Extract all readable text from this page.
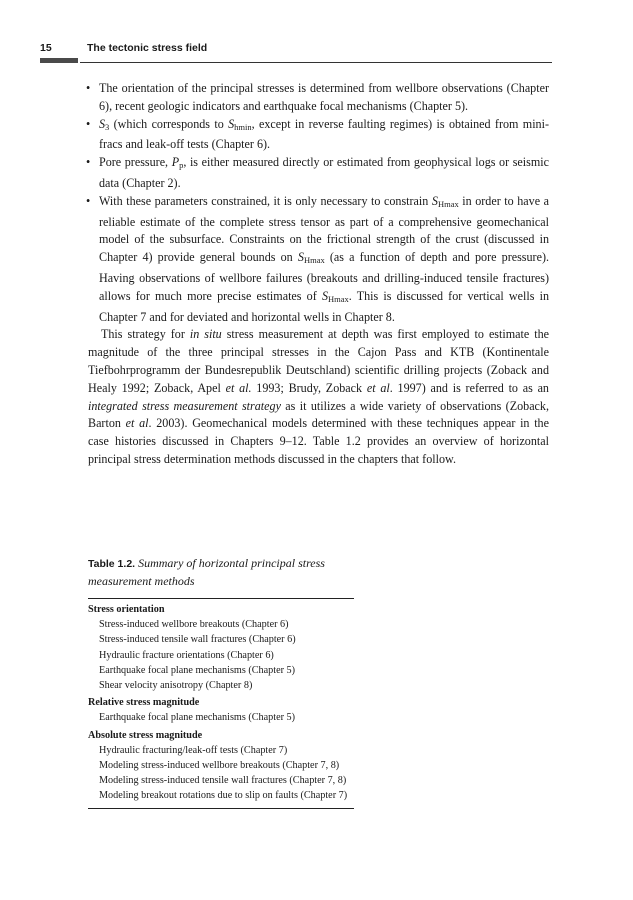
15	The tectonic stress field
• The orientation of the principal stresses is determined from wellbore observations (Chapter 6), recent geologic indicators and earthquake focal mechanisms (Chapter 5).
• $S_3$ (which corresponds to $S_{hmin}$, except in reverse faulting regimes) is obtained from mini-fracs and leak-off tests (Chapter 6).
• Pore pressure, $P_p$, is either measured directly or estimated from geophysical logs or seismic data (Chapter 2).
• With these parameters constrained, it is only necessary to constrain $S_{Hmax}$ in order to have a reliable estimate of the complete stress tensor as part of a comprehensive geomechanical model of the subsurface. Constraints on the frictional strength of the crust (discussed in Chapter 4) provide general bounds on $S_{Hmax}$ (as a function of depth and pore pressure). Having observations of wellbore failures (breakouts and drilling-induced tensile fractures) allows for much more precise estimates of $S_{Hmax}$. This is discussed for vertical wells in Chapter 7 and for deviated and horizontal wells in Chapter 8.

This strategy for in situ stress measurement at depth was first employed to estimate the magnitude of the three principal stresses in the Cajon Pass and KTB (Kontinentale Tiefbohrprogramm der Bundesrepublik Deutschland) scientific drilling projects (Zoback and Healy 1992; Zoback, Apel et al. 1993; Brudy, Zoback et al. 1997) and is referred to as an integrated stress measurement strategy as it utilizes a wide variety of observations (Zoback, Barton et al. 2003). Geomechanical models determined with these techniques appear in the case histories discussed in Chapters 9–12. Table 1.2 provides an overview of horizontal principal stress determination methods discussed in the chapters that follow.

Table 1.2. Summary of horizontal principal stress measurement methods

Stress orientation
Stress-induced wellbore breakouts (Chapter 6)
Stress-induced tensile wall fractures (Chapter 6)
Hydraulic fracture orientations (Chapter 6)
Earthquake focal plane mechanisms (Chapter 5)
Shear velocity anisotropy (Chapter 8)
Relative stress magnitude
Earthquake focal plane mechanisms (Chapter 5)
Absolute stress magnitude
Hydraulic fracturing/leak-off tests (Chapter 7)
Modeling stress-induced wellbore breakouts (Chapter 7, 8)
Modeling stress-induced tensile wall fractures (Chapter 7, 8)
Modeling breakout rotations due to slip on faults (Chapter 7)
